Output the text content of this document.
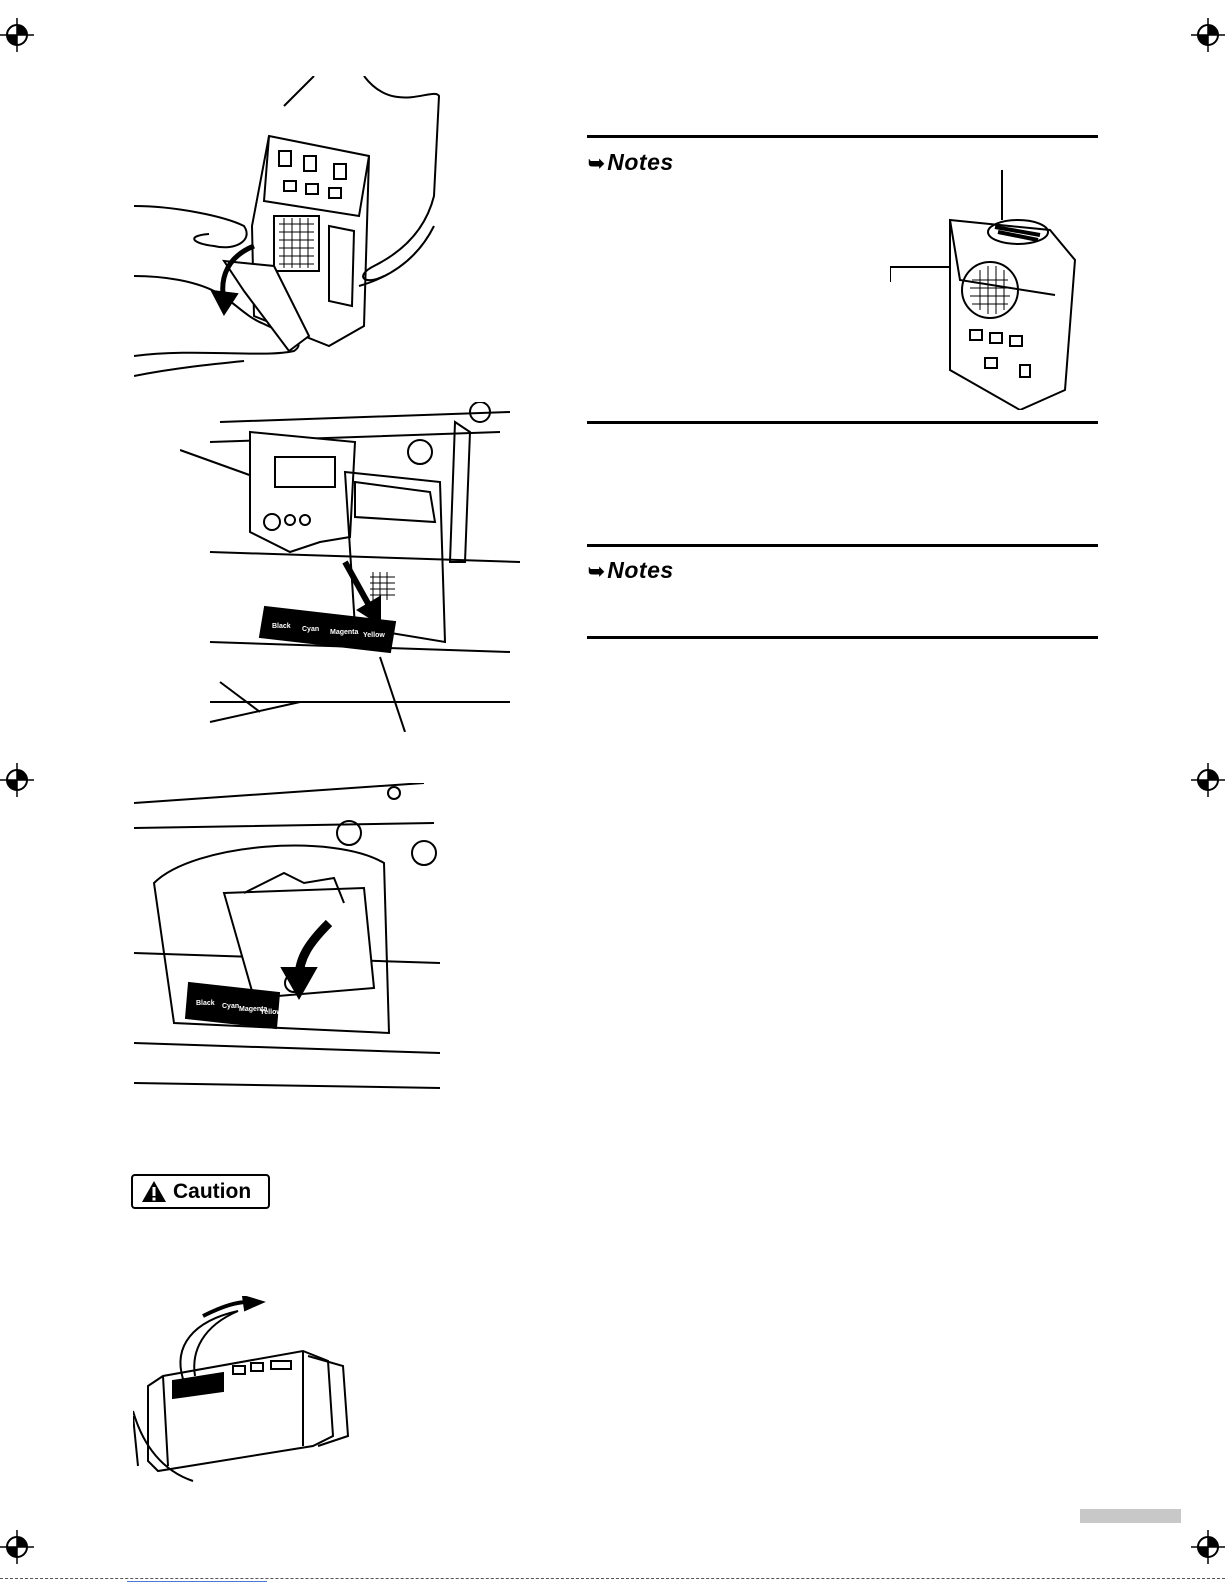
Black Cyan Magenta Yellow
Black Cyan Magenta
Yellow
➥Notes
➥Notes
Caution
